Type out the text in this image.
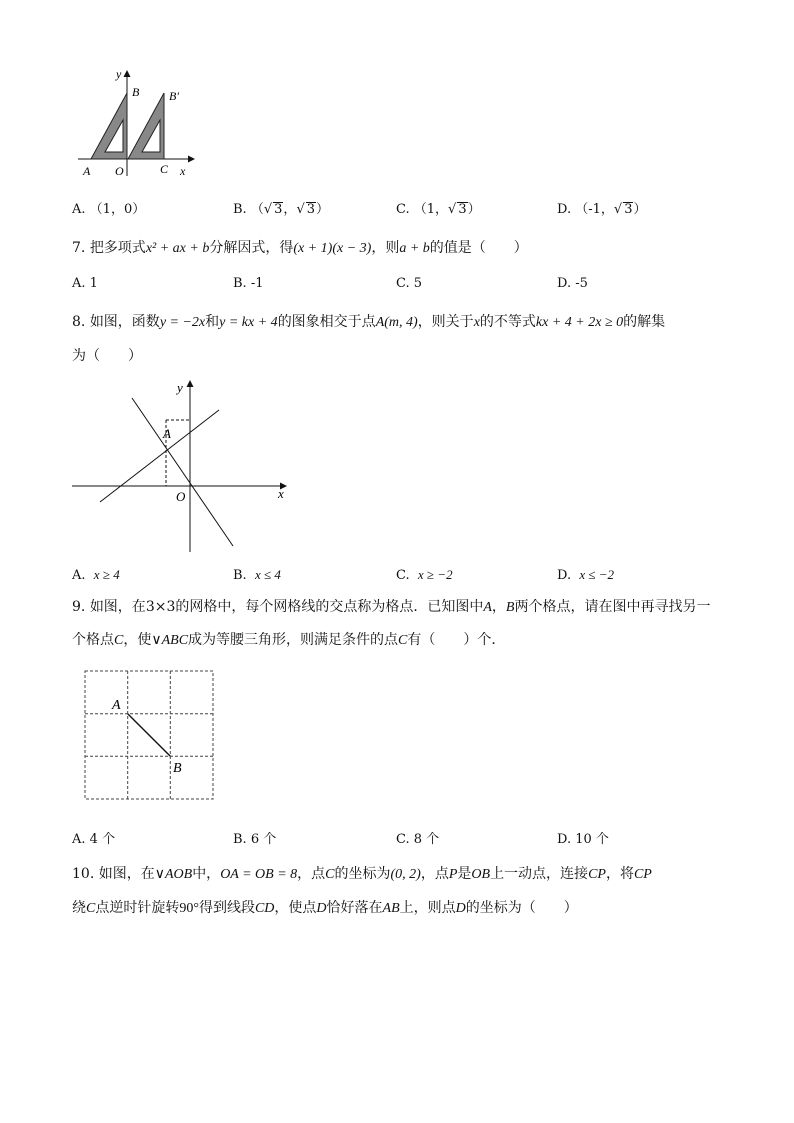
y
B B′
A O	C x
A. （1，0）	B. （√ 3，√ 3）	C. （1，√ 3）	D. （-1，√ 3）
7. 把多项式x² + ax + b分解因式，得(x + 1)(x − 3)，则a + b的值是（　　）
A. 1	B. -1	C. 5	D. -5
8. 如图，函数y = −2x和y = kx + 4的图象相交于点A(m, 4)，则关于x的不等式kx + 4 + 2x ≥ 0的解集
为（　　）
y
A
O	x
A. x ≥ 4	B. x ≤ 4	C. x ≥ −2	D. x ≤ −2
9. 如图，在3×3的网格中，每个网格线的交点称为格点．已知图中A，B两个格点，请在图中再寻找另一
个格点C，使∨ABC成为等腰三角形，则满足条件的点C有（　　）个．
A
B
A. 4 个	B. 6 个	C. 8 个	D. 10 个
10. 如图，在∨AOB中，OA = OB = 8，点C的坐标为(0, 2)，点P是OB上一动点，连接CP，将CP
绕C点逆时针旋转90°得到线段CD，使点D恰好落在AB上，则点D的坐标为（　　）
